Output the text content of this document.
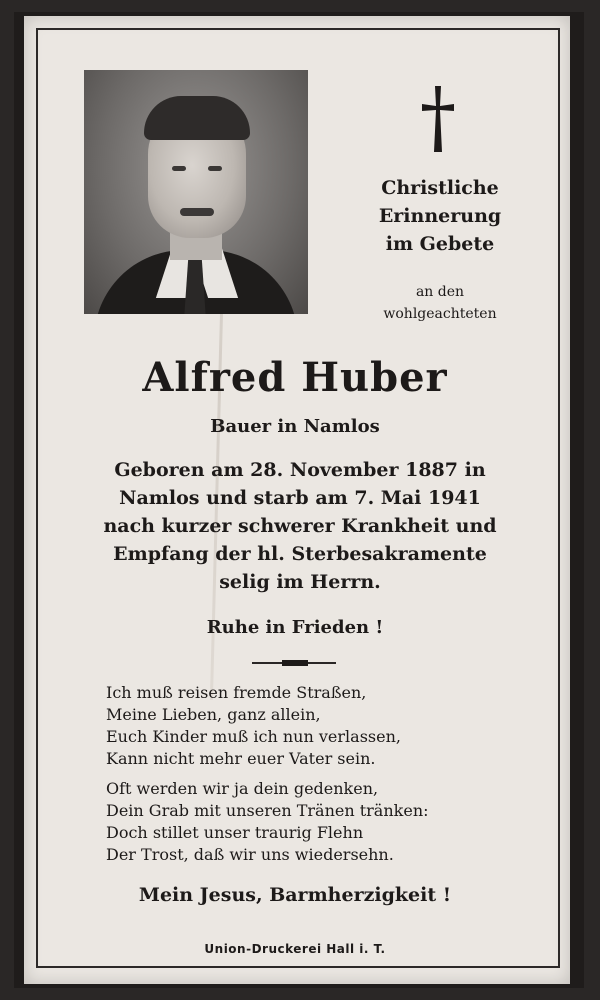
Christliche
Erinnerung
im Gebete
an den
wohlgeachteten
Alfred Huber
Bauer in Namlos
Geboren am 28. November 1887 in
Namlos und starb am 7. Mai 1941
nach kurzer schwerer Krankheit und
Empfang der hl. Sterbesakramente
selig im Herrn.
Ruhe in Frieden !
Ich muß reisen fremde Straßen,
Meine Lieben, ganz allein,
Euch Kinder muß ich nun verlassen,
Kann nicht mehr euer Vater sein.
Oft werden wir ja dein gedenken,
Dein Grab mit unseren Tränen tränken:
Doch stillet unser traurig Flehn
Der Trost, daß wir uns wiedersehn.
Mein Jesus, Barmherzigkeit !
Union-Druckerei Hall i. T.
